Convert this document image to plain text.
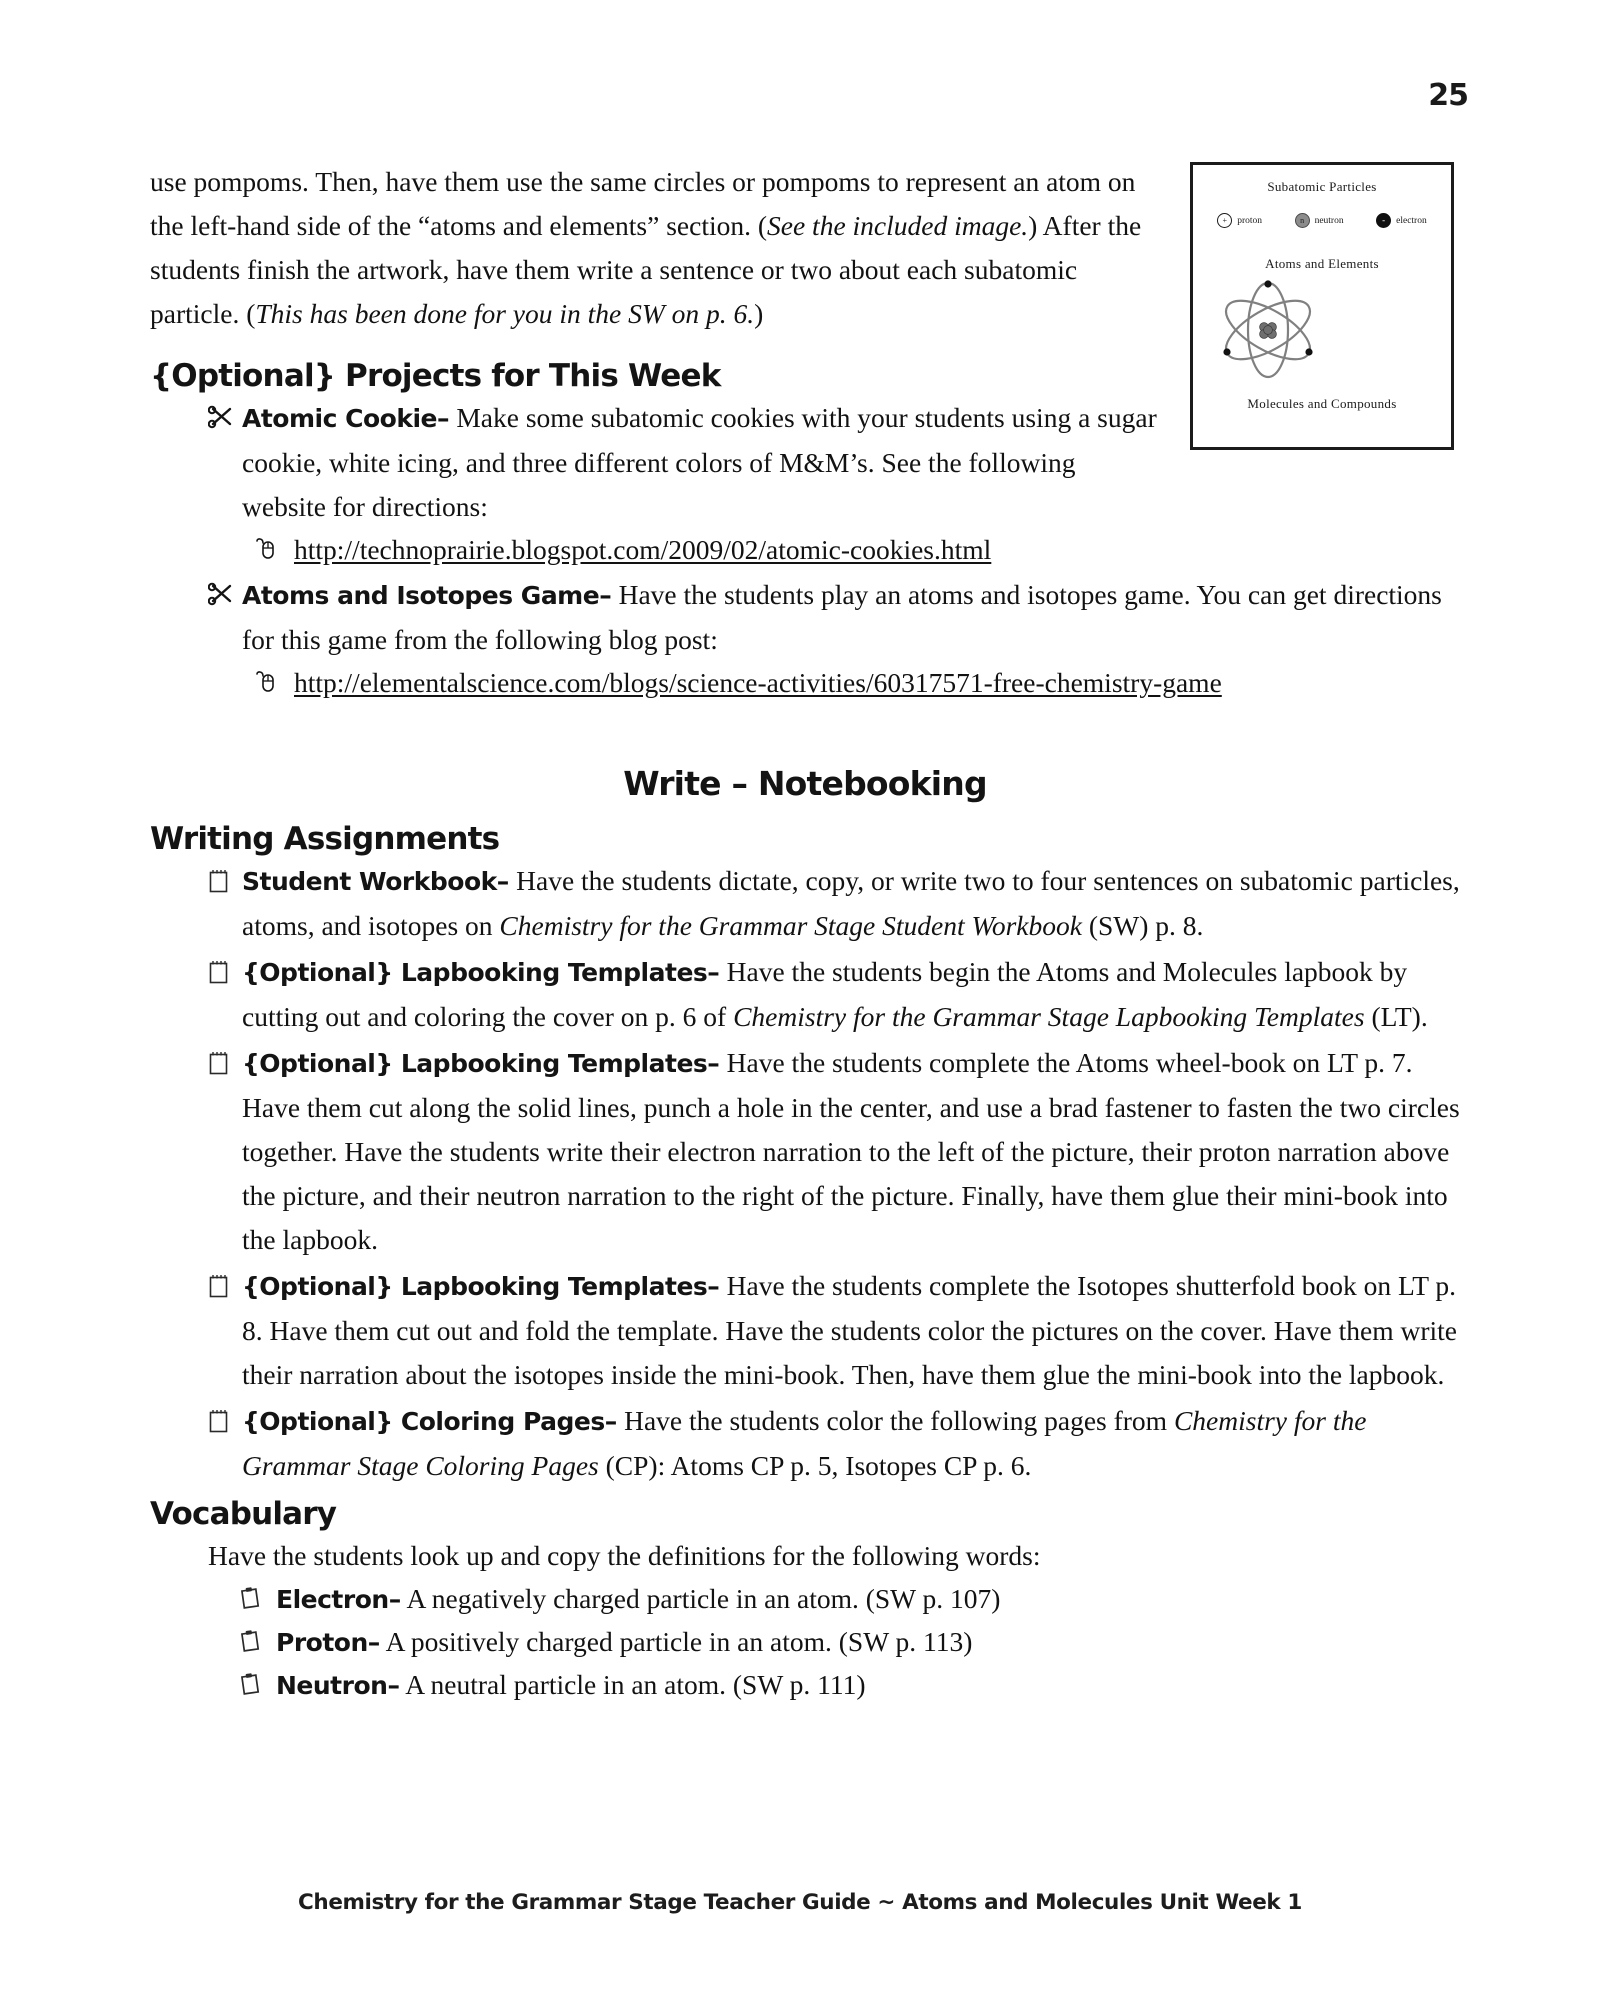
25
Subatomic Particles
+	proton	n	neutron	-	electron
Atoms and Elements
Molecules and Compounds
use pompoms. Then, have them use the same circles or pompoms to represent an atom on the left-hand side of the “atoms and elements” section. (See the included image.) After the students finish the artwork, have them write a sentence or two about each subatomic particle. (This has been done for you in the SW on p. 6.)
{Optional} Projects for This Week
Atomic Cookie– Make some subatomic cookies with your students using a sugar cookie, white icing, and three different colors of M&M’s. See the following website for directions:
http://technoprairie.blogspot.com/2009/02/atomic-cookies.html
Atoms and Isotopes Game– Have the students play an atoms and isotopes game. You can get directions for this game from the following blog post:
http://elementalscience.com/blogs/science-activities/60317571-free-chemistry-game
Write – Notebooking
Writing Assignments
Student Workbook– Have the students dictate, copy, or write two to four sentences on subatomic particles, atoms, and isotopes on Chemistry for the Grammar Stage Student Workbook (SW) p. 8.
{Optional} Lapbooking Templates– Have the students begin the Atoms and Molecules lapbook by cutting out and coloring the cover on p. 6 of Chemistry for the Grammar Stage Lapbooking Templates (LT).
{Optional} Lapbooking Templates– Have the students complete the Atoms wheel-book on LT p. 7. Have them cut along the solid lines, punch a hole in the center, and use a brad fastener to fasten the two circles together. Have the students write their electron narration to the left of the picture, their proton narration above the picture, and their neutron narration to the right of the picture. Finally, have them glue their mini-book into the lapbook.
{Optional} Lapbooking Templates– Have the students complete the Isotopes shutterfold book on LT p. 8. Have them cut out and fold the template. Have the students color the pictures on the cover. Have them write their narration about the isotopes inside the mini-book. Then, have them glue the mini-book into the lapbook.
{Optional} Coloring Pages– Have the students color the following pages from Chemistry for the Grammar Stage Coloring Pages (CP): Atoms CP p. 5, Isotopes CP p. 6.
Vocabulary
Have the students look up and copy the definitions for the following words:
Electron– A negatively charged particle in an atom. (SW p. 107)
Proton– A positively charged particle in an atom. (SW p. 113)
Neutron– A neutral particle in an atom. (SW p. 111)
Chemistry for the Grammar Stage Teacher Guide ~ Atoms and Molecules Unit Week 1
